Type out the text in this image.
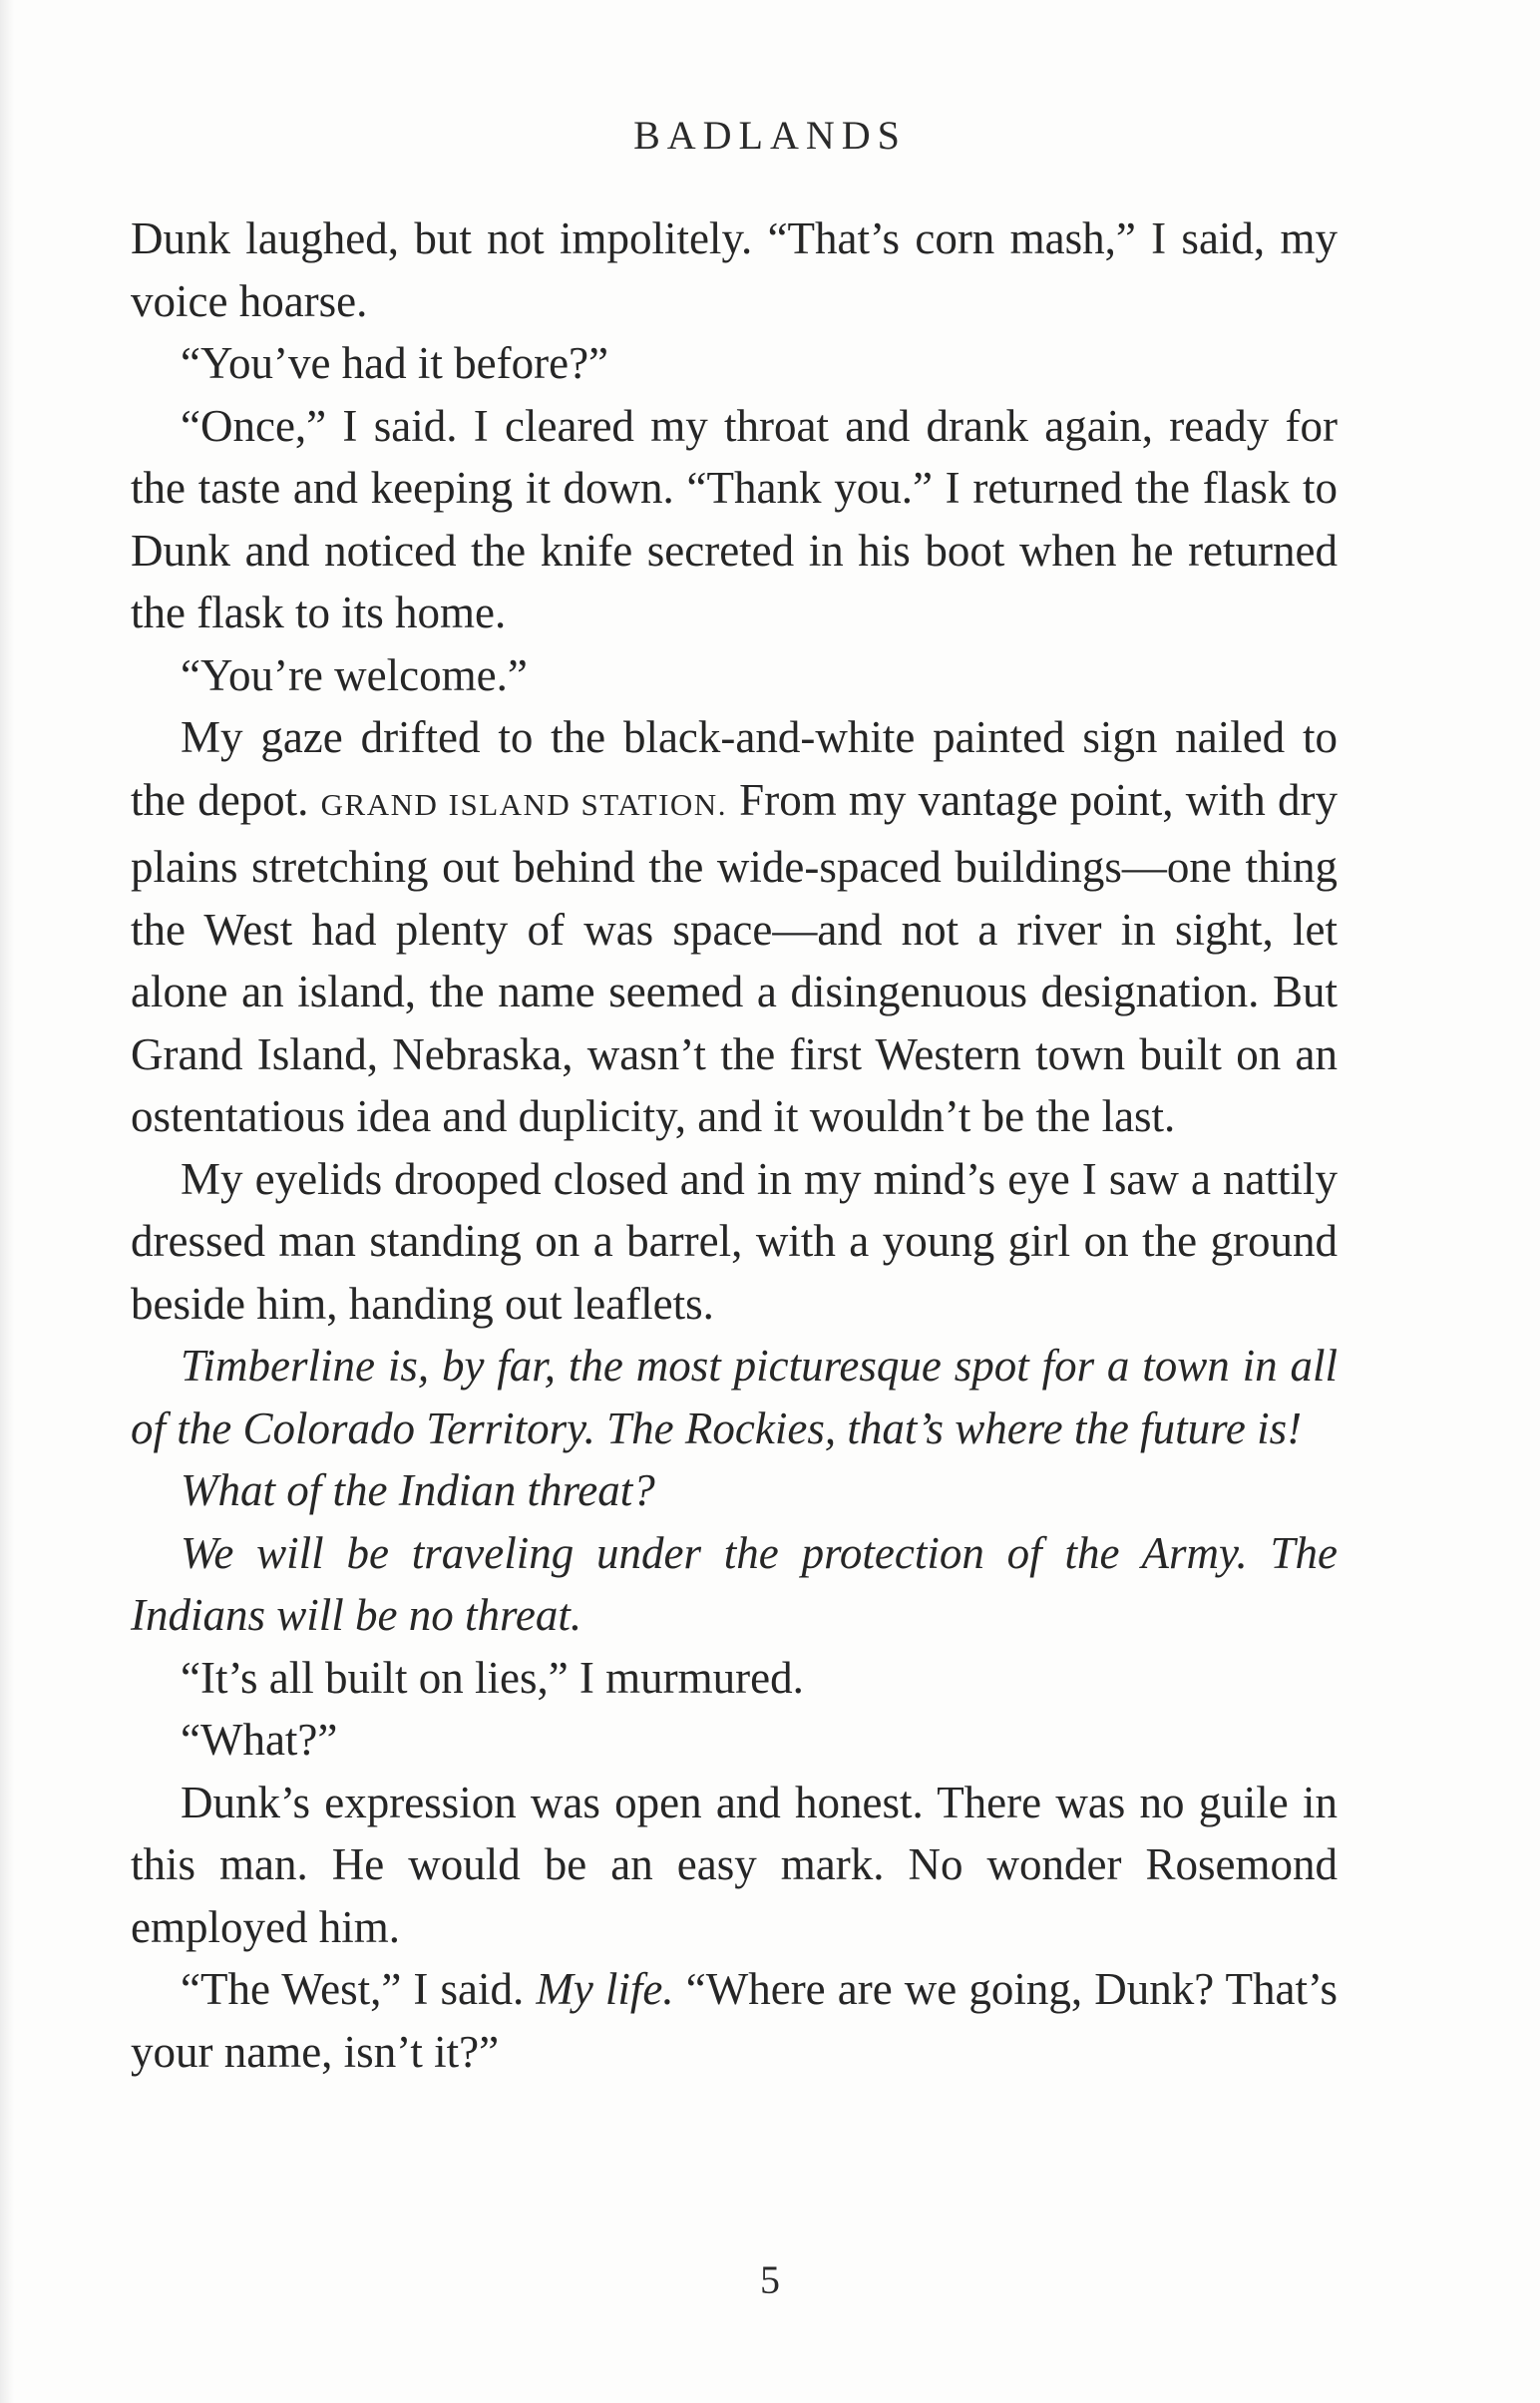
BADLANDS

Dunk laughed, but not impolitely. “That’s corn mash,” I said, my voice hoarse.

“You’ve had it before?”

“Once,” I said. I cleared my throat and drank again, ready for the taste and keeping it down. “Thank you.” I returned the flask to Dunk and noticed the knife secreted in his boot when he returned the flask to its home.

“You’re welcome.”

My gaze drifted to the black-and-white painted sign nailed to the depot. GRAND ISLAND STATION. From my vantage point, with dry plains stretching out behind the wide-spaced buildings—one thing the West had plenty of was space—and not a river in sight, let alone an island, the name seemed a disingenuous designation. But Grand Island, Nebraska, wasn’t the first Western town built on an ostentatious idea and duplicity, and it wouldn’t be the last.

My eyelids drooped closed and in my mind’s eye I saw a nattily dressed man standing on a barrel, with a young girl on the ground beside him, handing out leaflets.

Timberline is, by far, the most picturesque spot for a town in all of the Colorado Territory. The Rockies, that’s where the future is!

What of the Indian threat?

We will be traveling under the protection of the Army. The Indians will be no threat.

“It’s all built on lies,” I murmured.

“What?”

Dunk’s expression was open and honest. There was no guile in this man. He would be an easy mark. No wonder Rosemond employed him.

“The West,” I said. My life. “Where are we going, Dunk? That’s your name, isn’t it?”

5
